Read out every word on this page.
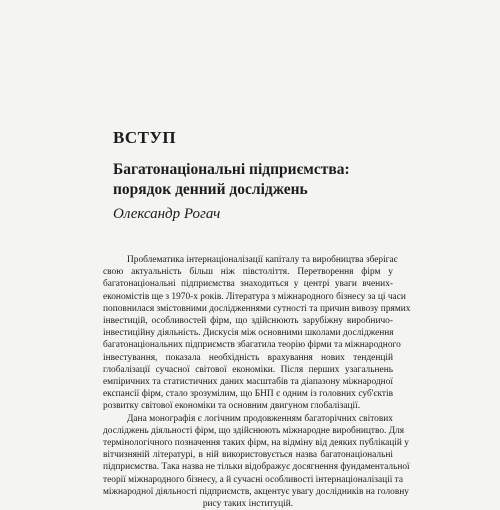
ВСТУП
Багатонаціональні підприємства:
порядок денний досліджень

Олександр Рогач

Проблематика інтернаціоналізації капіталу та виробництва зберігає
свою актуальність більш ніж півстоліття. Перетворення фірм у
багатонаціональні підприємства знаходиться у центрі уваги вчених-
економістів ще з 1970-х років. Література з міжнародного бізнесу за ці часи
поповнилася змістовними дослідженнями сутності та причин вивозу прямих
інвестицій, особливостей фірм, що здійснюють зарубіжну виробничо-
інвестиційну діяльність. Дискусія між основними школами дослідження
багатонаціональних підприємств збагатила теорію фірми та міжнародного
інвестування, показала необхідність врахування нових тенденцій
глобалізації сучасної світової економіки. Після перших узагальнень
емпіричних та статистичних даних масштабів та діапазону міжнародної
експансії фірм, стало зрозумілим, що БНП є одним із головних суб'єктів
розвитку світової економіки та основним двигуном глобалізації.

Дана монографія є логічним продовженням багаторічних світових
досліджень діяльності фірм, що здійснюють міжнародне виробництво. Для
термінологічного позначення таких фірм, на відміну від деяких публікацій у
вітчизняній літературі, в ній використовується назва багатонаціональні
підприємства. Така назва не тільки відображує досягнення фундаментальної
теорії міжнародного бізнесу, а й сучасні особливості інтернаціоналізації та
міжнародної діяльності підприємств, акцентує увагу дослідників на головну
рису таких інституцій.
